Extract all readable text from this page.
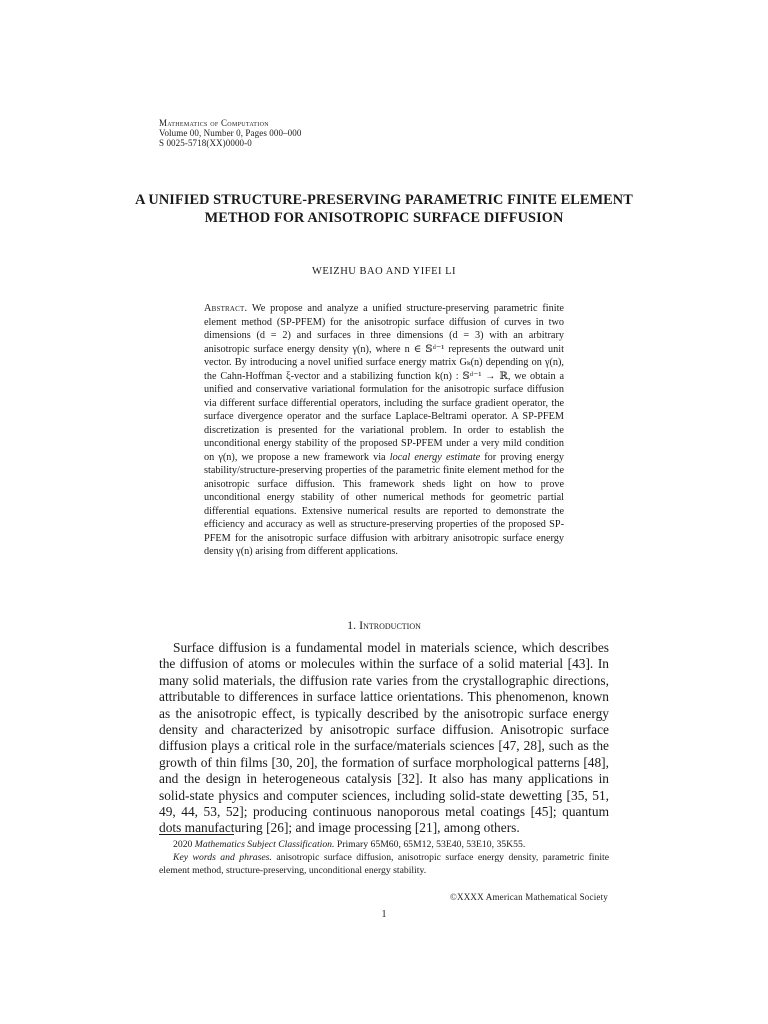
Mathematics of Computation
Volume 00, Number 0, Pages 000–000
S 0025-5718(XX)0000-0
A UNIFIED STRUCTURE-PRESERVING PARAMETRIC FINITE ELEMENT METHOD FOR ANISOTROPIC SURFACE DIFFUSION
WEIZHU BAO AND YIFEI LI
Abstract. We propose and analyze a unified structure-preserving parametric finite element method (SP-PFEM) for the anisotropic surface diffusion of curves in two dimensions (d = 2) and surfaces in three dimensions (d = 3) with an arbitrary anisotropic surface energy density γ(n), where n ∈ 𝕊ᵈ⁻¹ represents the outward unit vector. By introducing a novel unified surface energy matrix Gₖ(n) depending on γ(n), the Cahn-Hoffman ξ-vector and a stabilizing function k(n) : 𝕊ᵈ⁻¹ → ℝ, we obtain a unified and conservative variational formulation for the anisotropic surface diffusion via different surface differential operators, including the surface gradient operator, the surface divergence operator and the surface Laplace-Beltrami operator. A SP-PFEM discretization is presented for the variational problem. In order to establish the unconditional energy stability of the proposed SP-PFEM under a very mild condition on γ(n), we propose a new framework via local energy estimate for proving energy stability/structure-preserving properties of the parametric finite element method for the anisotropic surface diffusion. This framework sheds light on how to prove unconditional energy stability of other numerical methods for geometric partial differential equations. Extensive numerical results are reported to demonstrate the efficiency and accuracy as well as structure-preserving properties of the proposed SP-PFEM for the anisotropic surface diffusion with arbitrary anisotropic surface energy density γ(n) arising from different applications.
1. Introduction
Surface diffusion is a fundamental model in materials science, which describes the diffusion of atoms or molecules within the surface of a solid material [43]. In many solid materials, the diffusion rate varies from the crystallographic directions, attributable to differences in surface lattice orientations. This phenomenon, known as the anisotropic effect, is typically described by the anisotropic surface energy density and characterized by anisotropic surface diffusion. Anisotropic surface diffusion plays a critical role in the surface/materials sciences [47, 28], such as the growth of thin films [30, 20], the formation of surface morphological patterns [48], and the design in heterogeneous catalysis [32]. It also has many applications in solid-state physics and computer sciences, including solid-state dewetting [35, 51, 49, 44, 53, 52]; producing continuous nanoporous metal coatings [45]; quantum dots manufacturing [26]; and image processing [21], among others.

2020 Mathematics Subject Classification. Primary 65M60, 65M12, 53E40, 53E10, 35K55.

Key words and phrases. anisotropic surface diffusion, anisotropic surface energy density, parametric finite element method, structure-preserving, unconditional energy stability.

©XXXX American Mathematical Society
1
